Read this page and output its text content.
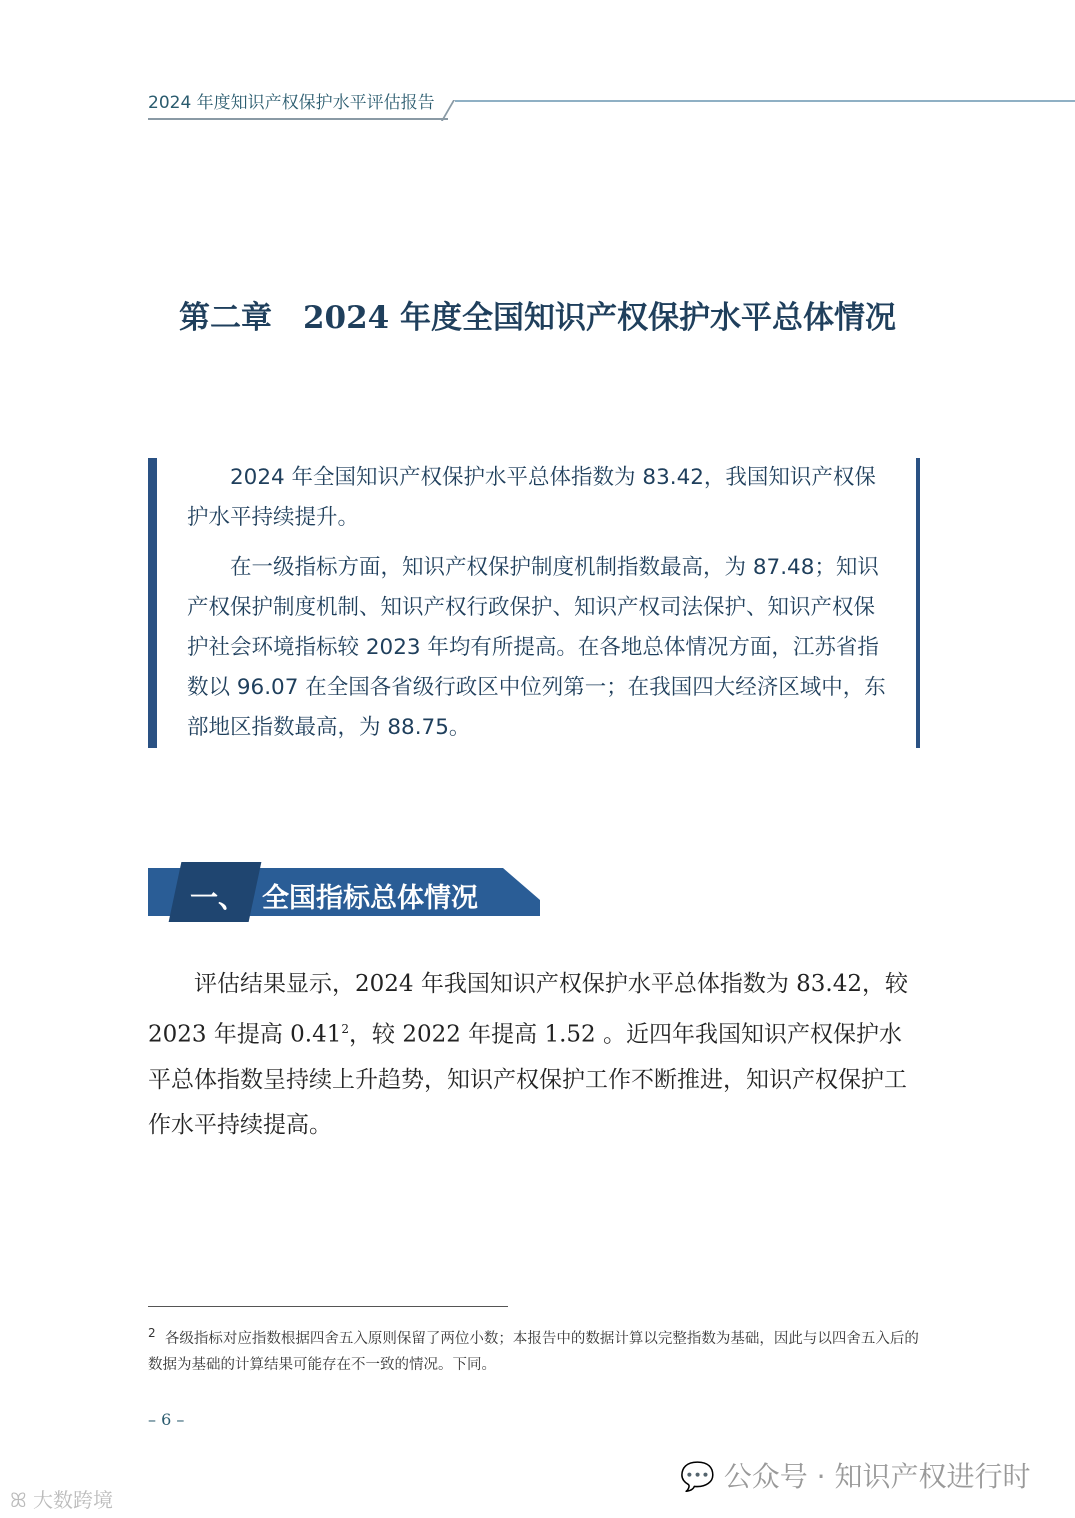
2024 年度知识产权保护水平评估报告
第二章　2024 年度全国知识产权保护水平总体情况

2024 年全国知识产权保护水平总体指数为 83.42，我国知识产权保护水平持续提升。

在一级指标方面，知识产权保护制度机制指数最高，为 87.48；知识产权保护制度机制、知识产权行政保护、知识产权司法保护、知识产权保护社会环境指标较 2023 年均有所提高。在各地总体情况方面，江苏省指数以 96.07 在全国各省级行政区中位列第一；在我国四大经济区域中，东部地区指数最高，为 88.75。

一、 全国指标总体情况
评估结果显示，2024 年我国知识产权保护水平总体指数为 83.42，较 2023 年提高 0.41$^2$，较 2022 年提高 1.52 。近四年我国知识产权保护水平总体指数呈持续上升趋势，知识产权保护工作不断推进，知识产权保护工作水平持续提高。
$^2$ 各级指标对应指数根据四舍五入原则保留了两位小数；本报告中的数据计算以完整指数为基础，因此与以四舍五入后的数据为基础的计算结果可能存在不一致的情况。下同。
– 6 –
💬 公众号 · 知识产权进行时
ꕤ 大数跨境
